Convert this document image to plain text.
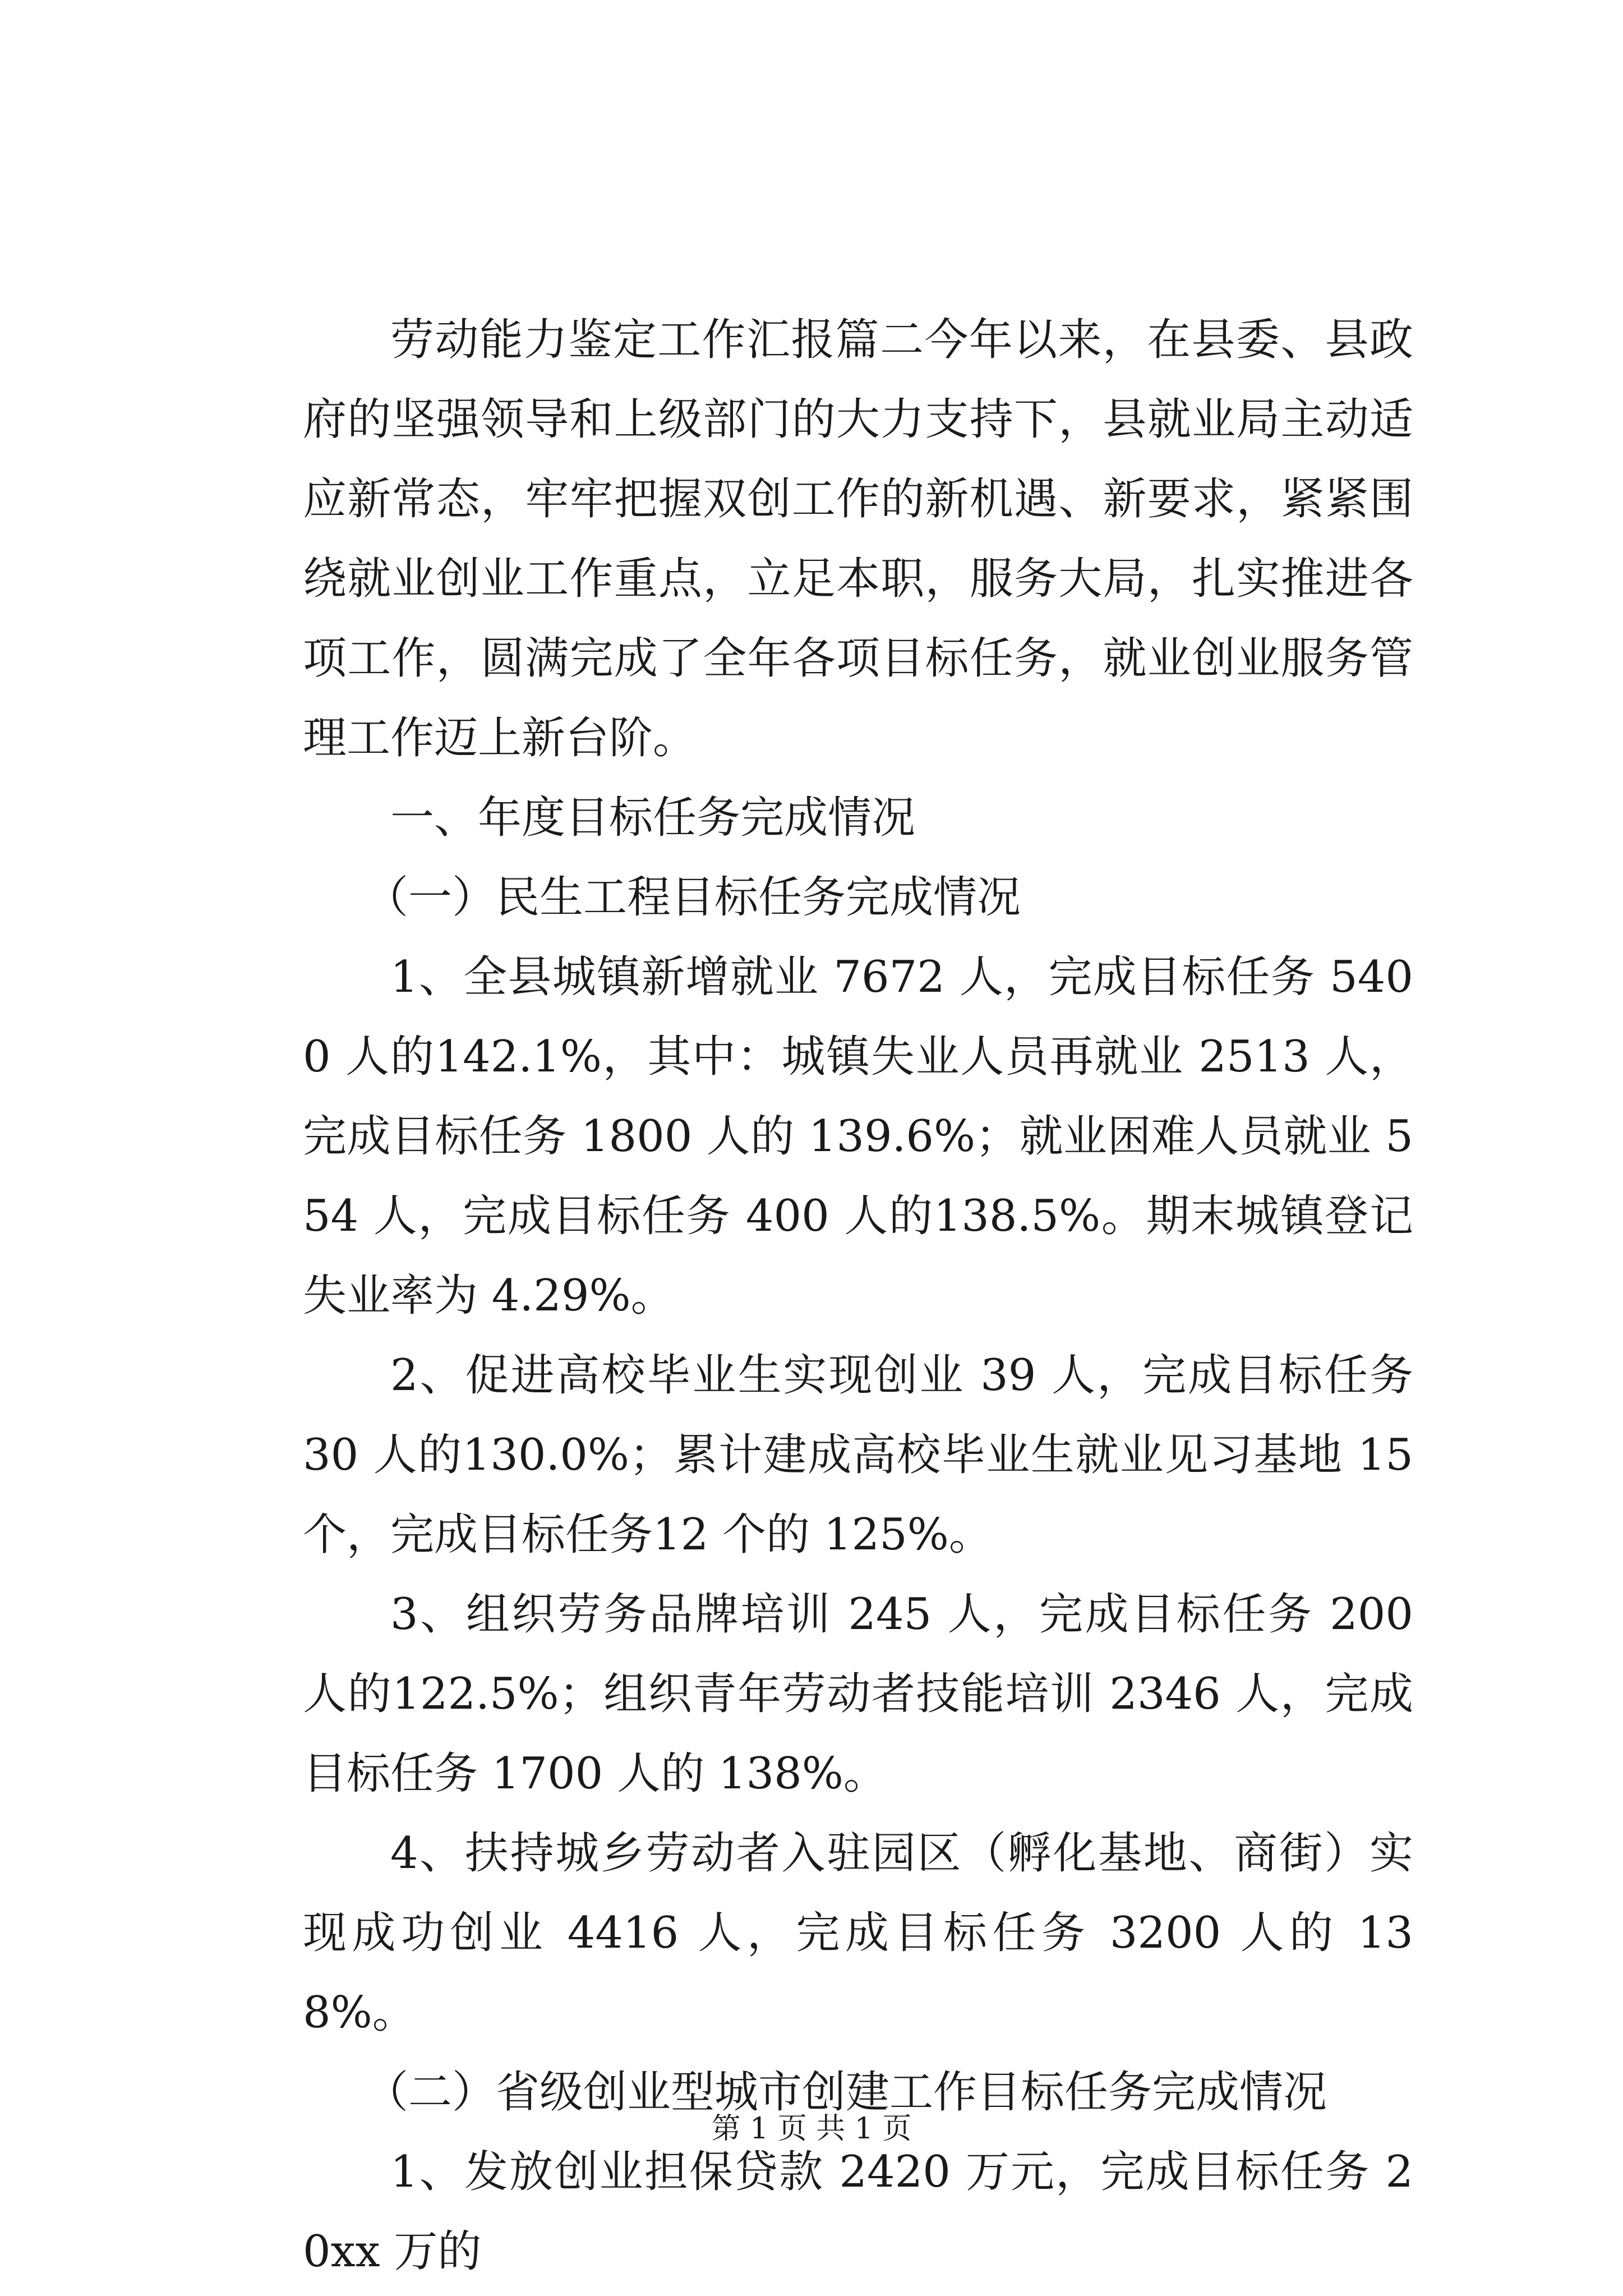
劳动能力鉴定工作汇报篇二今年以来，在县委、县政府的坚强领导和上级部门的大力支持下，县就业局主动适应新常态，牢牢把握双创工作的新机遇、新要求，紧紧围绕就业创业工作重点，立足本职，服务大局，扎实推进各项工作，圆满完成了全年各项目标任务，就业创业服务管理工作迈上新台阶。

一、年度目标任务完成情况

（一）民生工程目标任务完成情况

1、全县城镇新增就业 7672 人，完成目标任务 5400 人的142.1%，其中：城镇失业人员再就业 2513 人，完成目标任务 1800 人的 139.6%；就业困难人员就业 554 人，完成目标任务 400 人的138.5%。期末城镇登记失业率为 4.29%。

2、促进高校毕业生实现创业 39 人，完成目标任务 30 人的130.0%；累计建成高校毕业生就业见习基地 15 个，完成目标任务12 个的 125%。

3、组织劳务品牌培训 245 人，完成目标任务 200 人的122.5%；组织青年劳动者技能培训 2346 人，完成目标任务 1700 人的 138%。

4、扶持城乡劳动者入驻园区（孵化基地、商街）实现成功创业 4416 人，完成目标任务 3200 人的 138%。

（二）省级创业型城市创建工作目标任务完成情况

1、发放创业担保贷款 2420 万元，完成目标任务 20xx 万的

第 1 页 共 1 页
